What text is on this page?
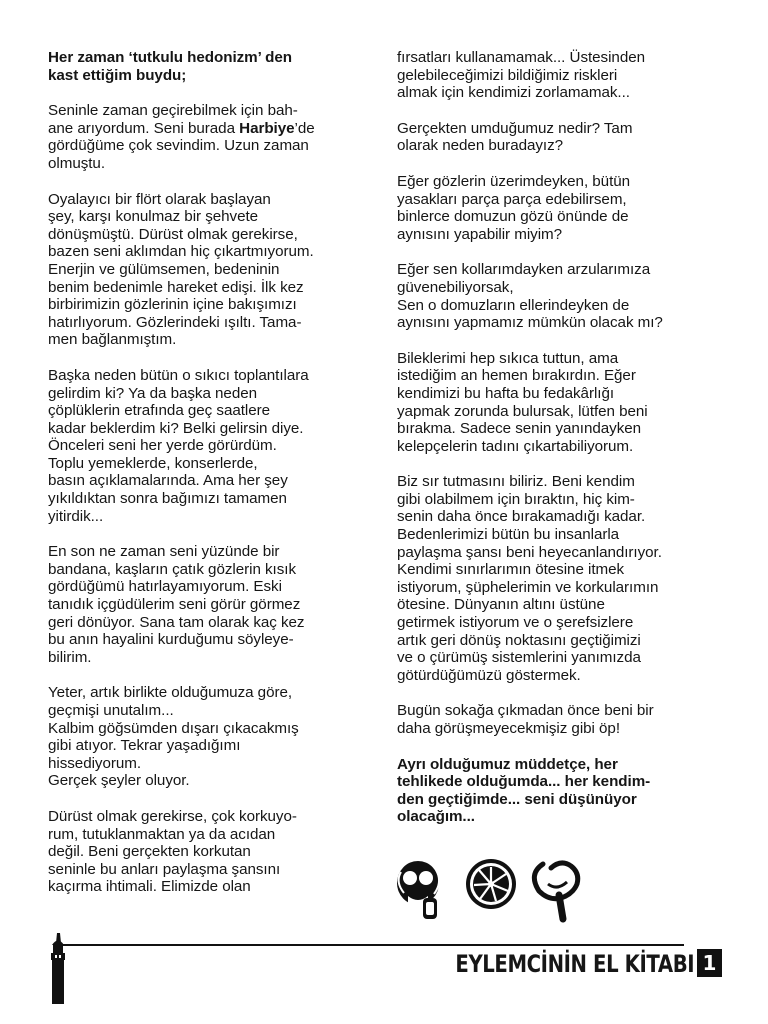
Her zaman ‘tutkulu hedonizm’ den
kast ettiğim buydu;

Seninle zaman geçirebilmek için bah-
ane arıyordum. Seni burada Harbiye’de
gördüğüme çok sevindim. Uzun zaman
olmuştu.

Oyalayıcı bir flört olarak başlayan
şey, karşı konulmaz bir şehvete
dönüşmüştü. Dürüst olmak gerekirse,
bazen seni aklımdan hiç çıkartmıyorum.
Enerjin ve gülümsemen, bedeninin
benim bedenimle hareket edişi. İlk kez
birbirimizin gözlerinin içine bakışımızı
hatırlıyorum. Gözlerindeki ışıltı. Tama-
men bağlanmıştım.

Başka neden bütün o sıkıcı toplantılara
gelirdim ki? Ya da başka neden
çöplüklerin etrafında geç saatlere
kadar beklerdim ki? Belki gelirsin diye.
Önceleri seni her yerde görürdüm.
Toplu yemeklerde, konserlerde,
basın açıklamalarında. Ama her şey
yıkıldıktan sonra bağımızı tamamen
yitirdik...

En son ne zaman seni yüzünde bir
bandana, kaşların çatık gözlerin kısık
gördüğümü hatırlayamıyorum. Eski
tanıdık içgüdülerim seni görür görmez
geri dönüyor. Sana tam olarak kaç kez
bu anın hayalini kurduğumu söyleye-
bilirim.

Yeter, artık birlikte olduğumuza göre,
geçmişi unutalım...
Kalbim göğsümden dışarı çıkacakmış
gibi atıyor. Tekrar yaşadığımı
hissediyorum.
Gerçek şeyler oluyor.

Dürüst olmak gerekirse, çok korkuyo-
rum, tutuklanmaktan ya da acıdan
değil. Beni gerçekten korkutan
seninle bu anları paylaşma şansını
kaçırma ihtimali. Elimizde olan

fırsatları kullanamamak... Üstesinden
gelebileceğimizi bildiğimiz riskleri
almak için kendimizi zorlamamak...

Gerçekten umduğumuz nedir? Tam
olarak neden buradayız?

Eğer gözlerin üzerimdeyken, bütün
yasakları parça parça edebilirsem,
binlerce domuzun gözü önünde de
aynısını yapabilir miyim?

Eğer sen kollarımdayken arzularımıza
güvenebiliyorsak,
Sen o domuzların ellerindeyken de
aynısını yapmamız mümkün olacak mı?

Bileklerimi hep sıkıca tuttun, ama
istediğim an hemen bırakırdın. Eğer
kendimizi bu hafta bu fedakârlığı
yapmak zorunda bulursak, lütfen beni
bırakma. Sadece senin yanındayken
kelepçelerin tadını çıkartabiliyorum.

Biz sır tutmasını biliriz. Beni kendim
gibi olabilmem için bıraktın, hiç kim-
senin daha önce bırakamadığı kadar.
Bedenlerimizi bütün bu insanlarla
paylaşma şansı beni heyecanlandırıyor.
Kendimi sınırlarımın ötesine itmek
istiyorum, şüphelerimin ve korkularımın
ötesine. Dünyanın altını üstüne
getirmek istiyorum ve o şerefsizlere
artık geri dönüş noktasını geçtiğimizi
ve o çürümüş sistemlerini yanımızda
götürdüğümüzü göstermek.

Bugün sokağa çıkmadan önce beni bir
daha görüşmeyecekmişiz gibi öp!

Ayrı olduğumuz müddetçe, her
tehlikede olduğumda... her kendim-
den geçtiğimde... seni düşünüyor
olacağım...

EYLEMCİNİN EL KİTABI 1
